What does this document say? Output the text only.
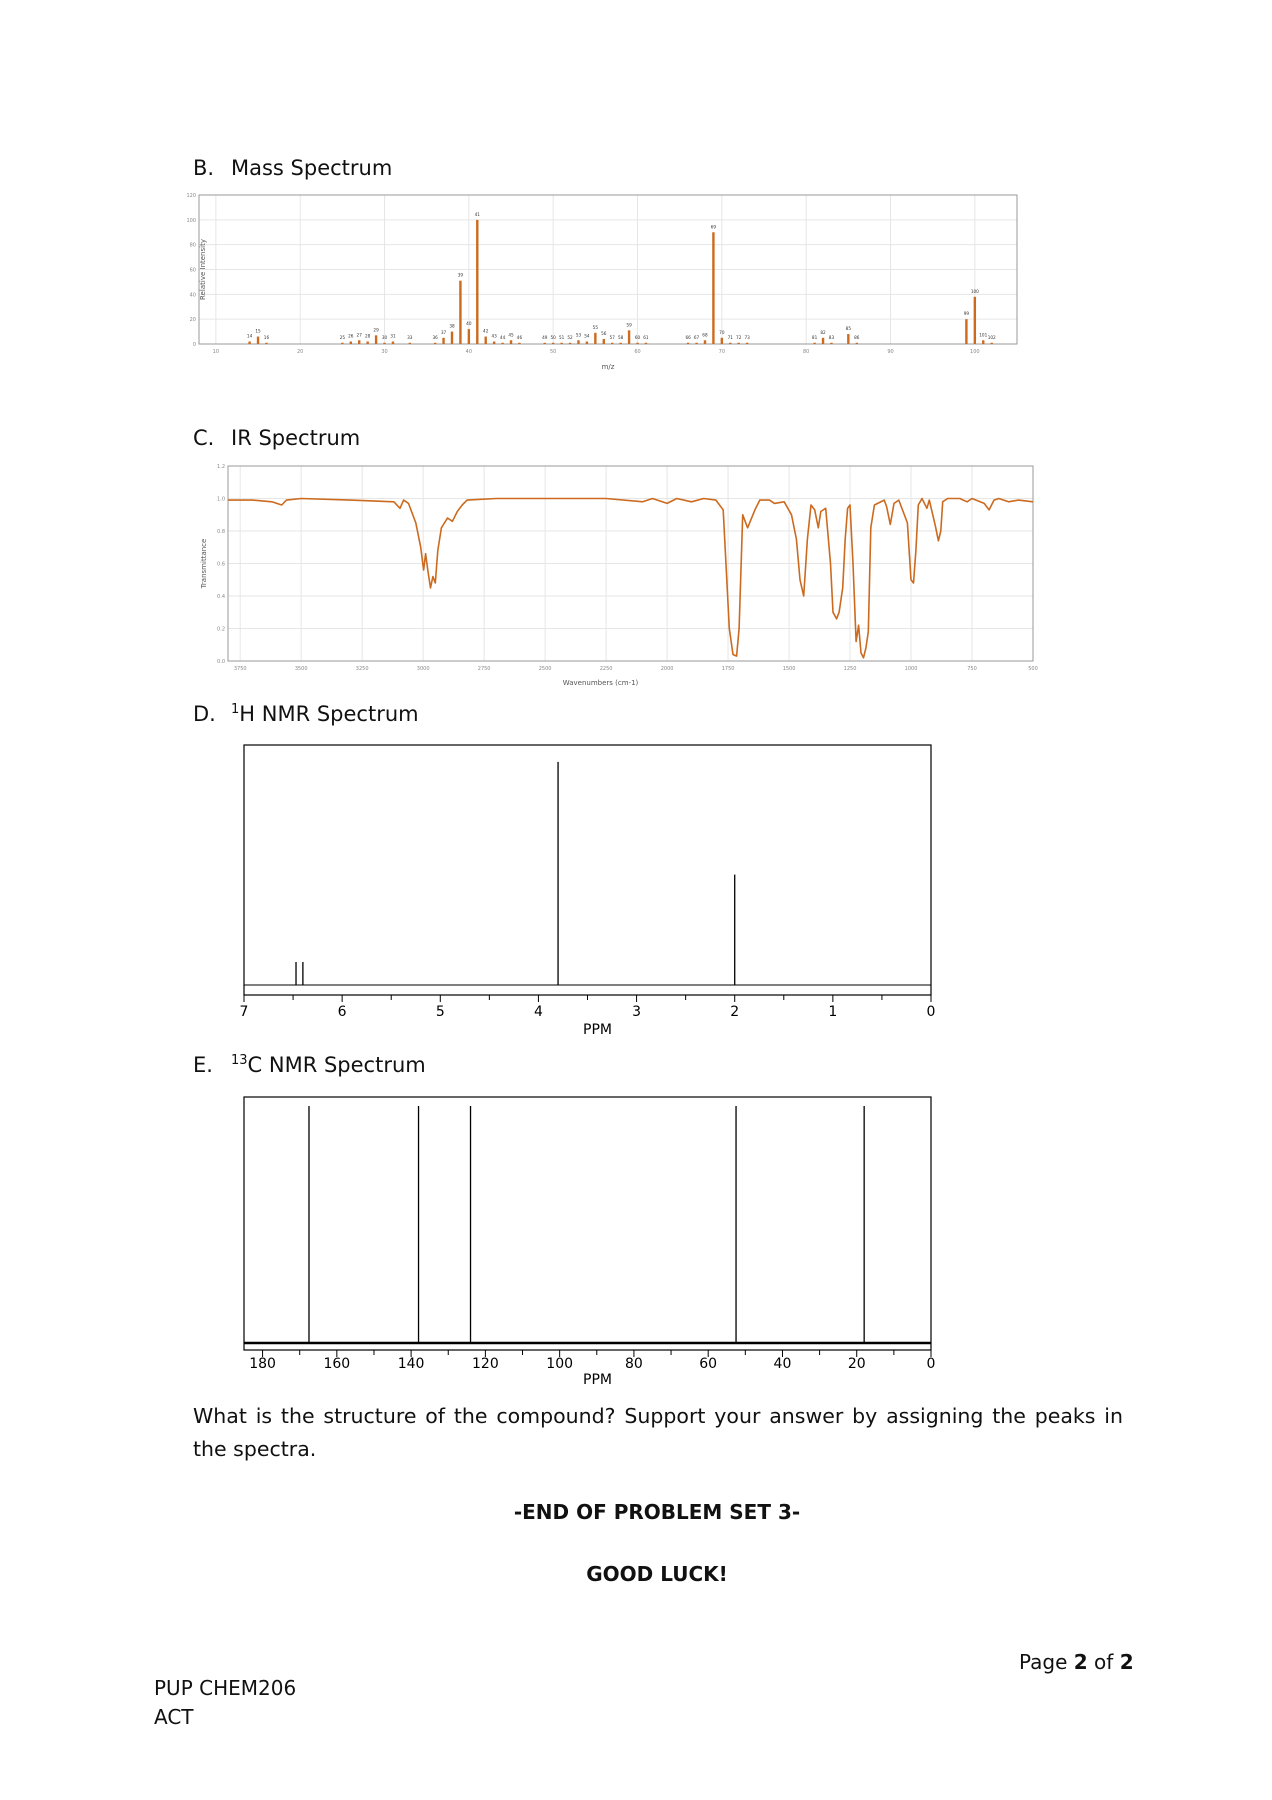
B. Mass Spectrum
0
20
40
60
80
100
120
10	20	30	40	50	60	70	80	90	100
14
15
16	25 26 27 28
29
30 31	33	36
37
38
39
40
41
42
43 44 45 46	49 50 51 52 53 54
55
56
57 58
59
60 61	66 67 68
69
70
71 72 73	81
82
83
85
86
99
100
101 102
m/z
Relative Intensity
C. IR Spectrum
0.0
0.2
0.4
0.6
0.8
1.0
1.2
3750	3500	3250	3000	2750	2500	2250	2000	1750	1500	1250	1000	750	500
Wavenumbers (cm-1)
Transmittance
D. $^1$H NMR Spectrum
7	6	5	4	3	2	1	0
PPM
E. $^{13}$C NMR Spectrum
180	160	140	120	100	80	60	40	20	0
PPM
What is the structure of the compound? Support your answer by assigning the peaks in the spectra.
-END OF PROBLEM SET 3-
GOOD LUCK!
Page 2 of 2
PUP CHEM206
ACT
